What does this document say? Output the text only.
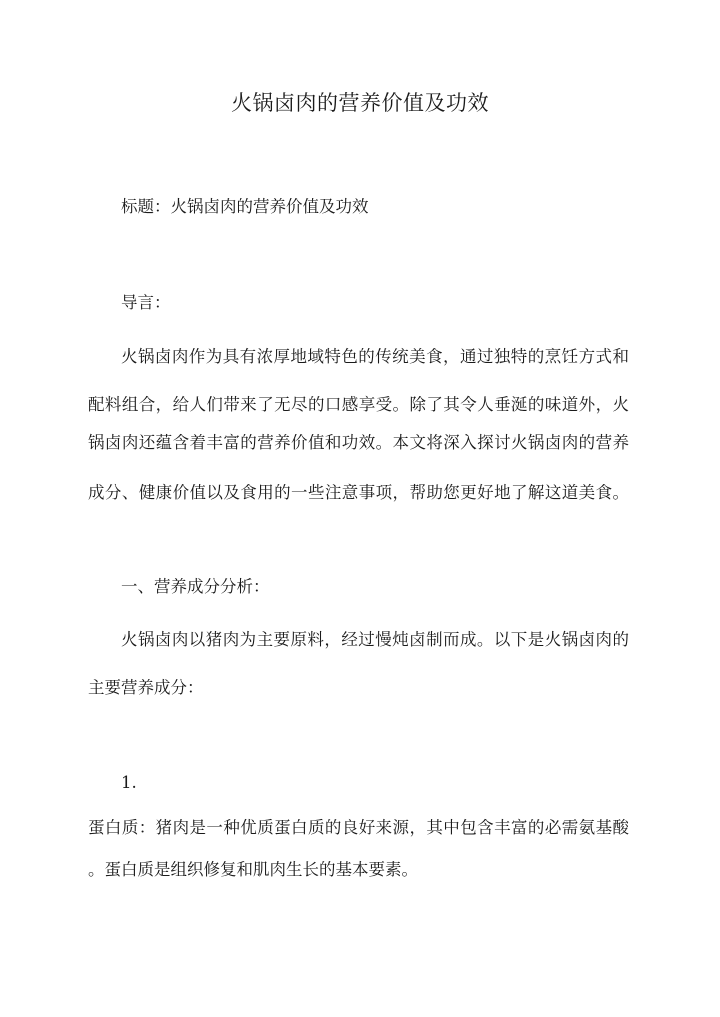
火锅卤肉的营养价值及功效
标题：火锅卤肉的营养价值及功效
导言：
火锅卤肉作为具有浓厚地域特色的传统美食，通过独特的烹饪方式和
配料组合，给人们带来了无尽的口感享受。除了其令人垂涎的味道外，火
锅卤肉还蕴含着丰富的营养价值和功效。本文将深入探讨火锅卤肉的营养
成分、健康价值以及食用的一些注意事项，帮助您更好地了解这道美食。
一、营养成分分析：
火锅卤肉以猪肉为主要原料，经过慢炖卤制而成。以下是火锅卤肉的
主要营养成分：
1.
蛋白质：猪肉是一种优质蛋白质的良好来源，其中包含丰富的必需氨基酸
。蛋白质是组织修复和肌肉生长的基本要素。
